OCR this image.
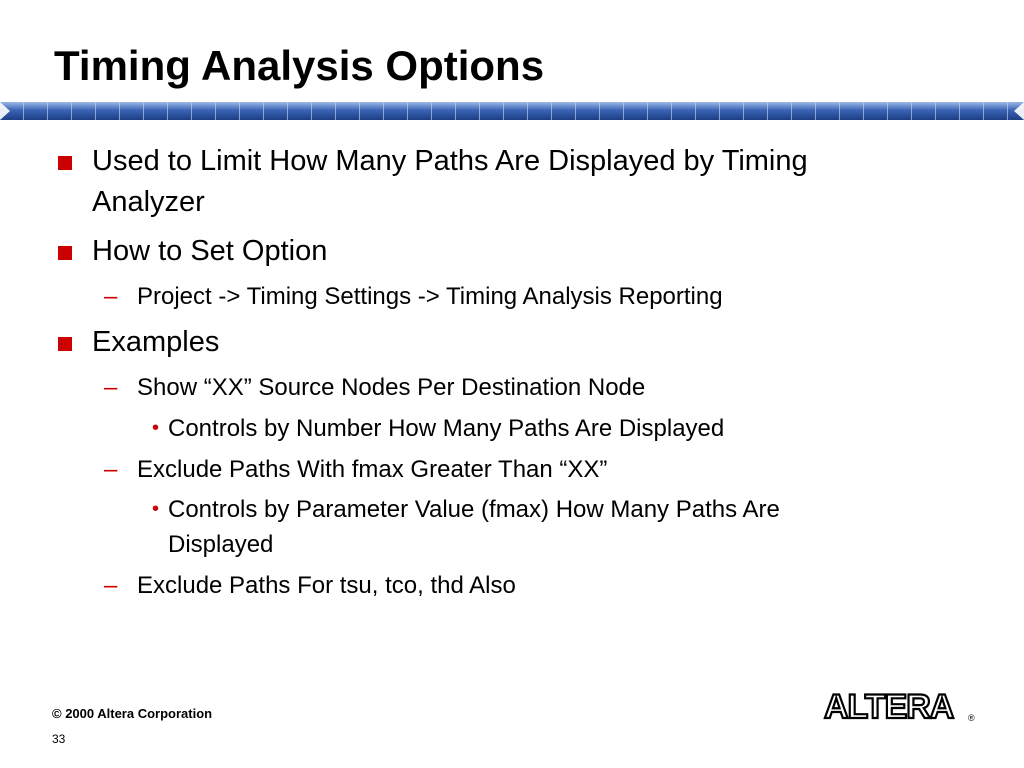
Timing Analysis Options
Used to Limit How Many Paths Are Displayed by Timing
Analyzer
How to Set Option
– Project -> Timing Settings -> Timing Analysis Reporting
Examples
– Show “XX” Source Nodes Per Destination Node
• Controls by Number How Many Paths Are Displayed
– Exclude Paths With fmax Greater Than “XX”
• Controls by Parameter Value (fmax) How Many Paths Are
Displayed
– Exclude Paths For tsu, tco, thd Also
© 2000 Altera Corporation
33
ALTERA ®
